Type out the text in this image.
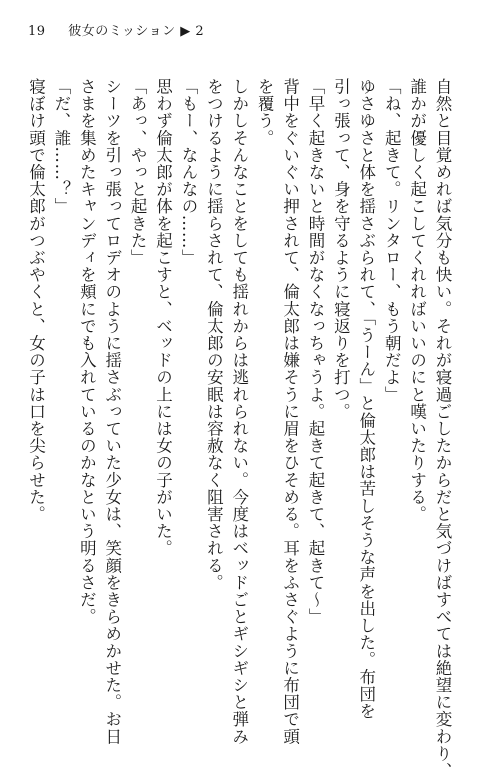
19 彼女のミッション ▶ 2
自然と目覚めれば気分も快い。それが寝過ごしたからだと気づけばすべては絶望に変わり、
誰かが優しく起こしてくれればいいのにと嘆いたりする。
「ね、起きて。リンタロー、もう朝だよ」
ゆさゆさと体を揺さぶられて、「うーん」と倫太郎は苦しそうな声を出した。布団を
引っ張って、身を守るように寝返りを打つ。
「早く起きないと時間がなくなっちゃうよ。起きて起きて、起きて〜」
背中をぐいぐい押されて、倫太郎は嫌そうに眉をひそめる。耳をふさぐように布団で頭
を覆う。
しかしそんなことをしても揺れからは逃れられない。今度はベッドごとギシギシと弾み
をつけるように揺らされて、倫太郎の安眠は容赦なく阻害される。
「もー、なんなの……」
思わず倫太郎が体を起こすと、ベッドの上には女の子がいた。
「あっ、やっと起きた」
シーツを引っ張ってロデオのように揺さぶっていた少女は、笑顔をきらめかせた。お日
さまを集めたキャンディを頬にでも入れているのかなという明るさだ。
「だ、誰……？」
寝ぼけ頭で倫太郎がつぶやくと、女の子は口を尖らせた。
